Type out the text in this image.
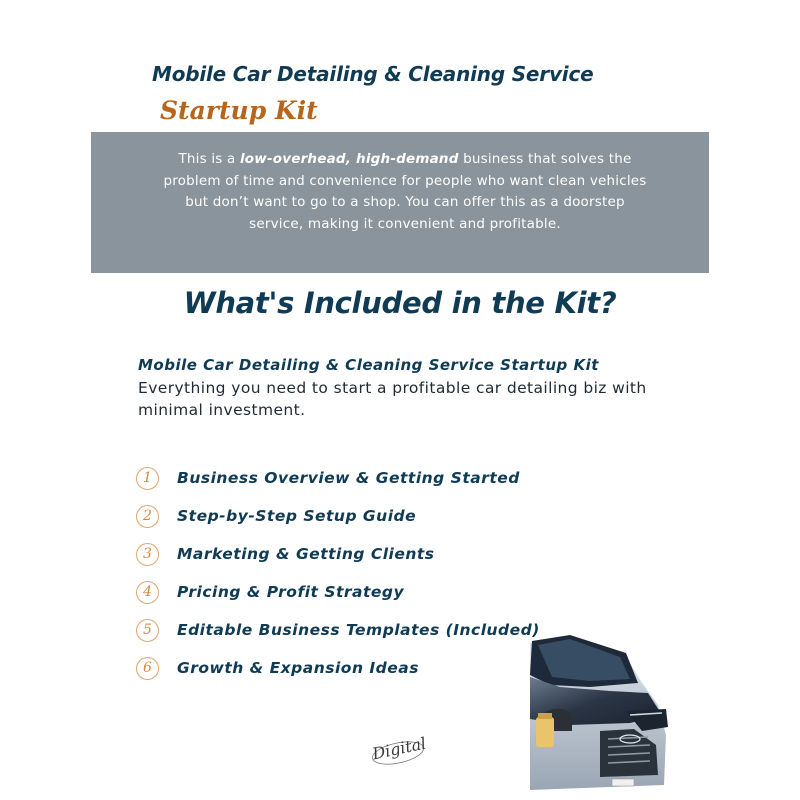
Mobile Car Detailing & Cleaning Service
Startup Kit
This is a low-overhead, high-demand business that solves the problem of time and convenience for people who want clean vehicles but don’t want to go to a shop. You can offer this as a doorstep service, making it convenient and profitable.
What's Included in the Kit?
Mobile Car Detailing & Cleaning Service Startup Kit
Everything you need to start a profitable car detailing biz with minimal investment.
1	Business Overview & Getting Started
2	Step-by-Step Setup Guide
3	Marketing & Getting Clients
4	Pricing & Profit Strategy
5	Editable Business Templates (Included)
6	Growth & Expansion Ideas
Digital
